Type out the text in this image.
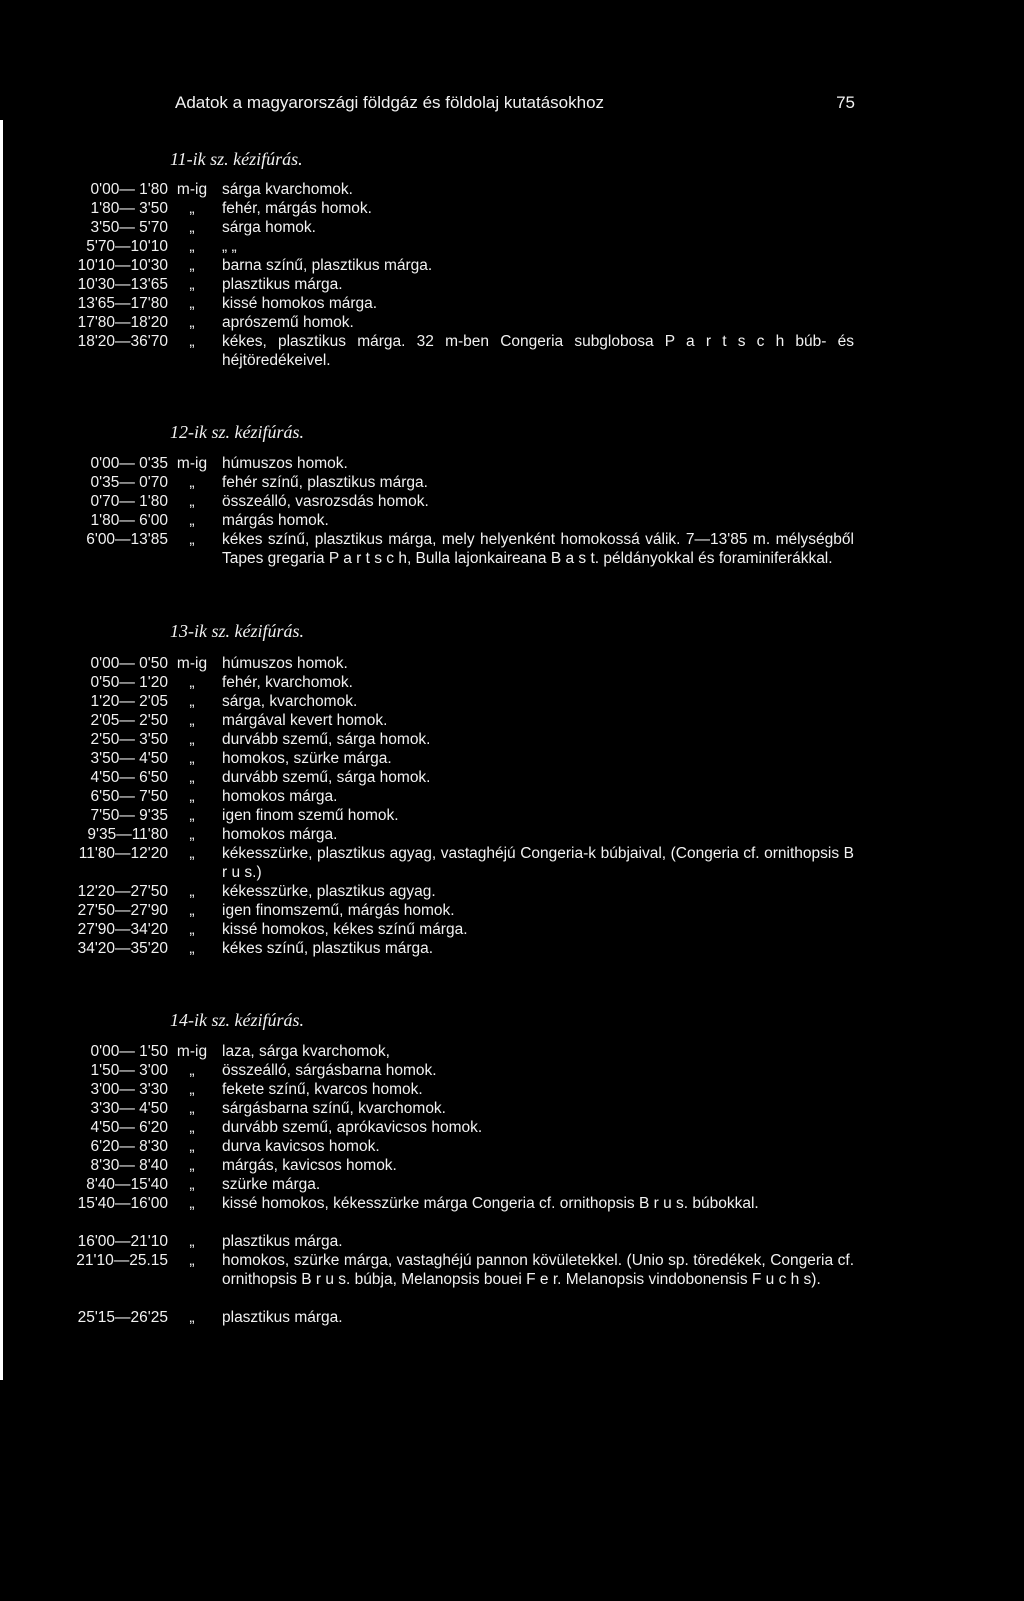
Adatok a magyarországi földgáz és földolaj kutatásokhoz	75
11-ik sz. kézifúrás.
0'00— 1'80 m-ig sárga kvarchomok.
1'80— 3'50	„	fehér, márgás homok.
3'50— 5'70	„	sárga homok.
5'70—10'10	„	„ „
10'10—10'30	„	barna színű, plasztikus márga.
10'30—13'65	„	plasztikus márga.
13'65—17'80	„	kissé homokos márga.
17'80—18'20	„	aprószemű homok.
18'20—36'70	„	kékes, plasztikus márga. 32 m-ben Congeria subglobosa P a r t s c h búb- és héjtöredékeivel.
12-ik sz. kézifúrás.
0'00— 0'35 m-ig húmuszos homok.
0'35— 0'70	„	fehér színű, plasztikus márga.
0'70— 1'80	„	összeálló, vasrozsdás homok.
1'80— 6'00	„	márgás homok.
6'00—13'85	„	kékes színű, plasztikus márga, mely helyenként homokossá válik. 7—13'85 m. mélységből Tapes gregaria P a r t s c h, Bulla lajonkaireana B a s t. példányokkal és foraminiferákkal.
13-ik sz. kézifúrás.
0'00— 0'50 m-ig húmuszos homok.
0'50— 1'20	„	fehér, kvarchomok.
1'20— 2'05	„	sárga, kvarchomok.
2'05— 2'50	„	márgával kevert homok.
2'50— 3'50	„	durvább szemű, sárga homok.
3'50— 4'50	„	homokos, szürke márga.
4'50— 6'50	„	durvább szemű, sárga homok.
6'50— 7'50	„	homokos márga.
7'50— 9'35	„	igen finom szemű homok.
9'35—11'80	„	homokos márga.
11'80—12'20	„	kékesszürke, plasztikus agyag, vastaghéjú Congeria-k búbjaival, (Congeria cf. ornithopsis B r u s.)
12'20—27'50	„	kékesszürke, plasztikus agyag.
27'50—27'90	„	igen finomszemű, márgás homok.
27'90—34'20	„	kissé homokos, kékes színű márga.
34'20—35'20	„	kékes színű, plasztikus márga.
14-ik sz. kézifúrás.
0'00— 1'50 m-ig laza, sárga kvarchomok,
1'50— 3'00	„	összeálló, sárgásbarna homok.
3'00— 3'30	„	fekete színű, kvarcos homok.
3'30— 4'50	„	sárgásbarna színű, kvarchomok.
4'50— 6'20	„	durvább szemű, aprókavicsos homok.
6'20— 8'30	„	durva kavicsos homok.
8'30— 8'40	„	márgás, kavicsos homok.
8'40—15'40	„	szürke márga.
15'40—16'00	„	kissé homokos, kékesszürke márga Congeria cf. ornithopsis B r u s. búbokkal.
16'00—21'10	„	plasztikus márga.
21'10—25.15	„	homokos, szürke márga, vastaghéjú pannon kövületekkel. (Unio sp. töredékek, Congeria cf. ornithopsis B r u s. búbja, Melanopsis bouei F e r. Melanopsis vindobonensis F u c h s).
25'15—26'25	„	plasztikus márga.
